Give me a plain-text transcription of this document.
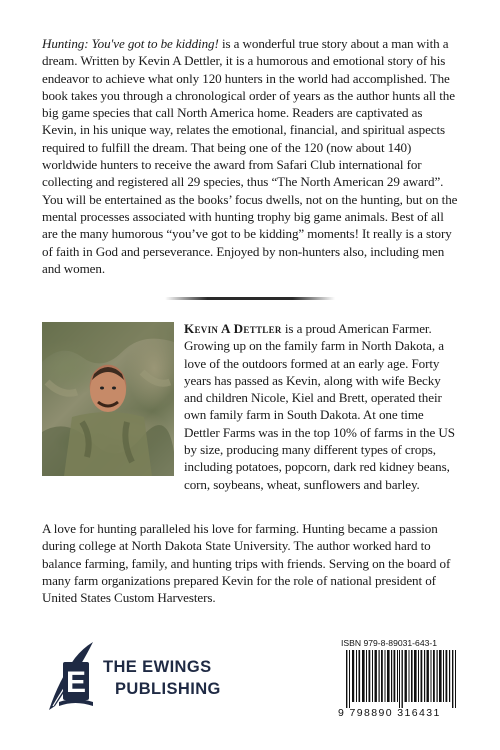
Hunting: You've got to be kidding! is a wonderful true story about a man with a dream. Written by Kevin A Dettler, it is a humorous and emotional story of his endeavor to achieve what only 120 hunters in the world had accomplished. The book takes you through a chronological order of years as the author hunts all the big game species that call North America home. Readers are captivated as Kevin, in his unique way, relates the emotional, financial, and spiritual aspects required to fulfill the dream. That being one of the 120 (now about 140) worldwide hunters to receive the award from Safari Club international for collecting and registered all 29 species, thus “The North American 29 award”. You will be entertained as the books’ focus dwells, not on the hunting, but on the mental processes associated with hunting trophy big game animals. Best of all are the many humorous “you’ve got to be kidding” moments! It really is a story of faith in God and perseverance. Enjoyed by non-hunters also, including men and women.

Kevin A Dettler is a proud American Farmer. Growing up on the family farm in North Dakota, a love of the outdoors formed at an early age. Forty years has passed as Kevin, along with wife Becky and children Nicole, Kiel and Brett, operated their own family farm in South Dakota. At one time Dettler Farms was in the top 10% of farms in the US by size, producing many different types of crops, including potatoes, popcorn, dark red kidney beans, corn, soybeans, wheat, sunflowers and barley.

A love for hunting paralleled his love for farming. Hunting became a passion during college at North Dakota State University. The author worked hard to balance farming, family, and hunting trips with friends. Serving on the board of many farm organizations prepared Kevin for the role of national president of United States Custom Harvesters.

E THE EWINGS
PUBLISHING
ISBN 979-8-89031-643-1
9 798890 316431
